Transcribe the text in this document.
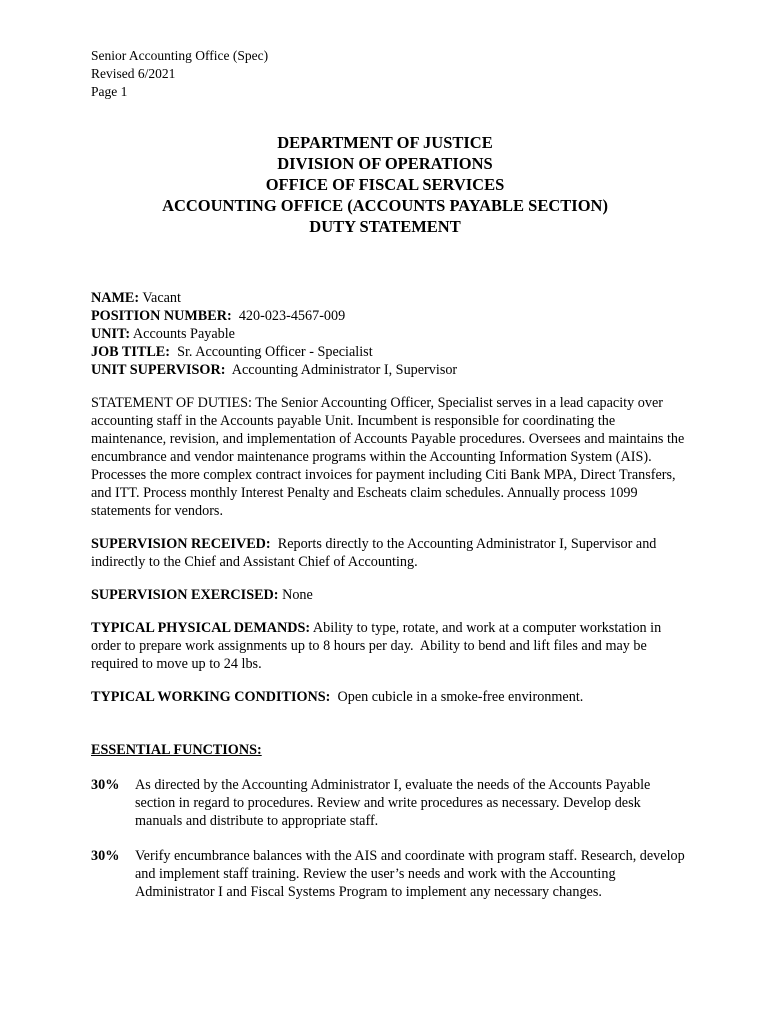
Senior Accounting Office (Spec)
Revised 6/2021
Page 1
DEPARTMENT OF JUSTICE
DIVISION OF OPERATIONS
OFFICE OF FISCAL SERVICES
ACCOUNTING OFFICE (ACCOUNTS PAYABLE SECTION)
DUTY STATEMENT
NAME: Vacant
POSITION NUMBER:  420-023-4567-009
UNIT: Accounts Payable
JOB TITLE:  Sr. Accounting Officer - Specialist
UNIT SUPERVISOR:  Accounting Administrator I, Supervisor

STATEMENT OF DUTIES: The Senior Accounting Officer, Specialist serves in a lead capacity over accounting staff in the Accounts payable Unit. Incumbent is responsible for coordinating the maintenance, revision, and implementation of Accounts Payable procedures. Oversees and maintains the encumbrance and vendor maintenance programs within the Accounting Information System (AIS). Processes the more complex contract invoices for payment including Citi Bank MPA, Direct Transfers, and ITT. Process monthly Interest Penalty and Escheats claim schedules. Annually process 1099 statements for vendors.

SUPERVISION RECEIVED:  Reports directly to the Accounting Administrator I, Supervisor and indirectly to the Chief and Assistant Chief of Accounting.

SUPERVISION EXERCISED: None

TYPICAL PHYSICAL DEMANDS: Ability to type, rotate, and work at a computer workstation in order to prepare work assignments up to 8 hours per day.  Ability to bend and lift files and may be required to move up to 24 lbs.

TYPICAL WORKING CONDITIONS:  Open cubicle in a smoke-free environment.

ESSENTIAL FUNCTIONS:
30%	As directed by the Accounting Administrator I, evaluate the needs of the Accounts Payable section in regard to procedures. Review and write procedures as necessary. Develop desk manuals and distribute to appropriate staff.
30%	Verify encumbrance balances with the AIS and coordinate with program staff. Research, develop and implement staff training. Review the user’s needs and work with the Accounting Administrator I and Fiscal Systems Program to implement any necessary changes.
